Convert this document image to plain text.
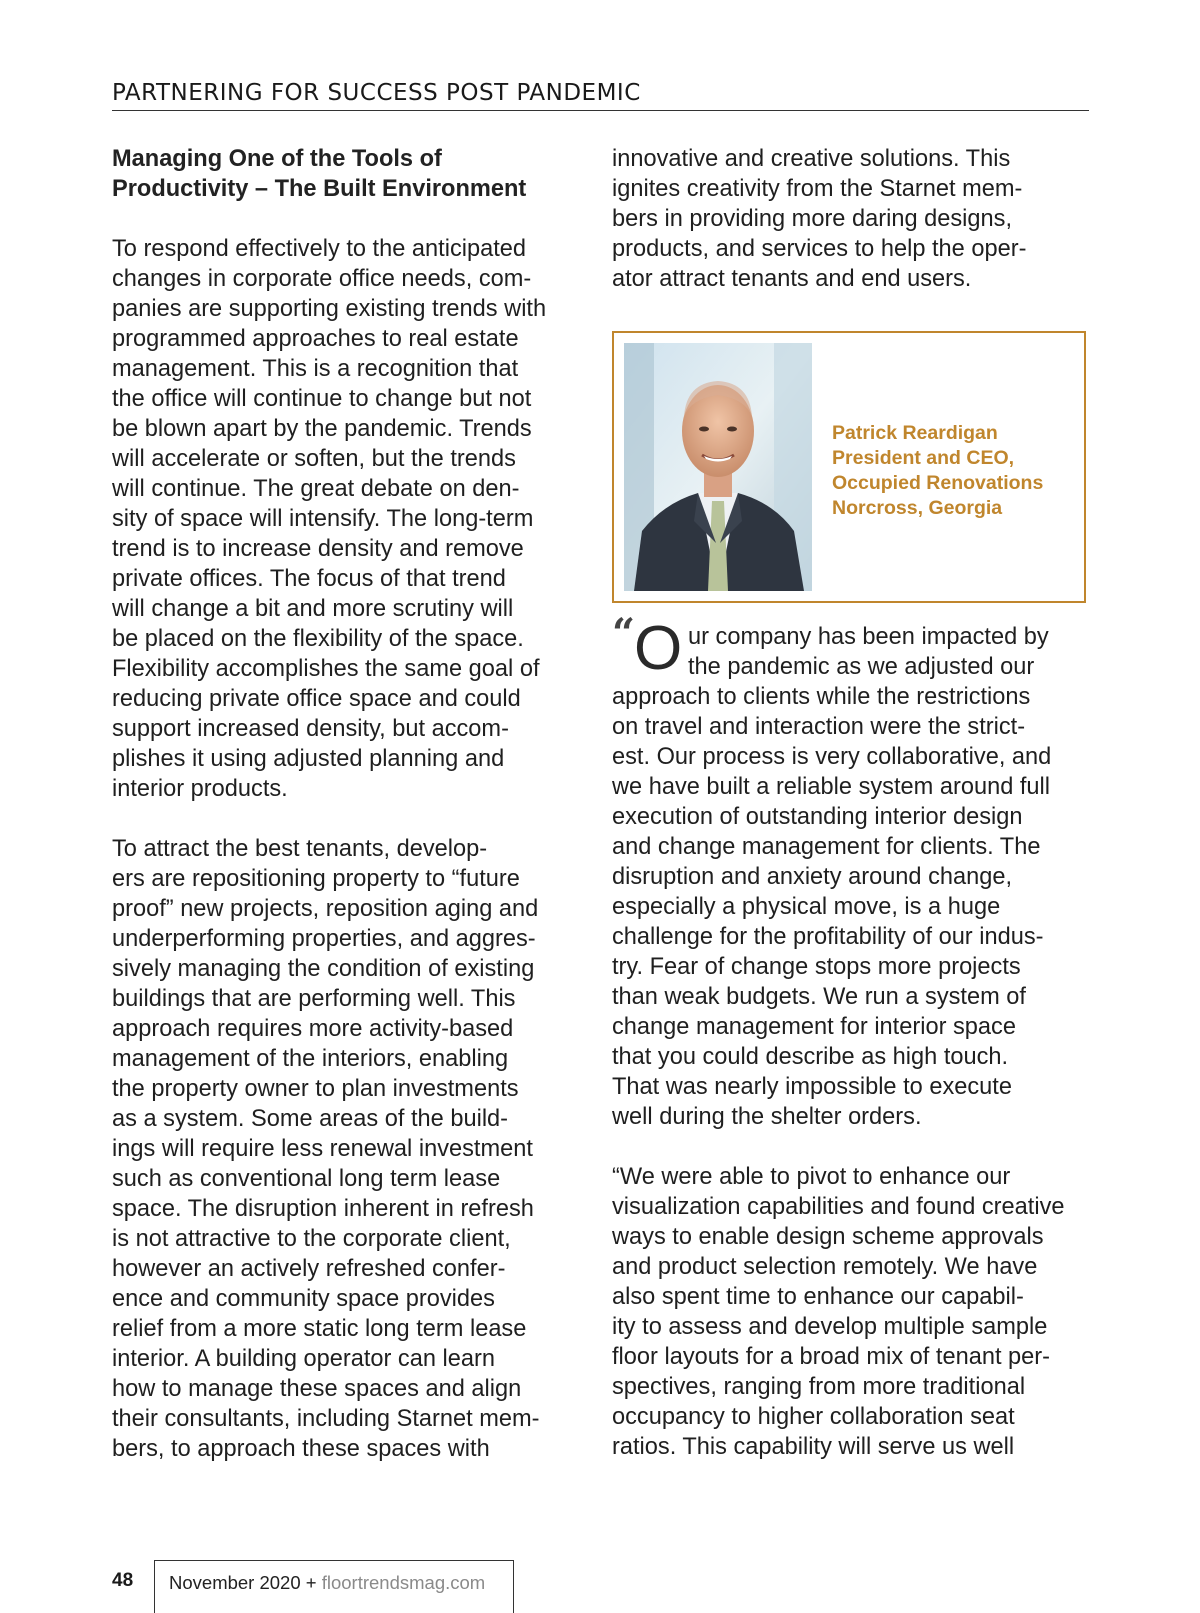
PARTNERING FOR SUCCESS POST PANDEMIC
Managing One of the Tools of
Productivity – The Built Environment

To respond effectively to the anticipated
changes in corporate office needs, com-
panies are supporting existing trends with
programmed approaches to real estate
management. This is a recognition that
the office will continue to change but not
be blown apart by the pandemic. Trends
will accelerate or soften, but the trends
will continue. The great debate on den-
sity of space will intensify. The long-term
trend is to increase density and remove
private offices. The focus of that trend
will change a bit and more scrutiny will
be placed on the flexibility of the space.
Flexibility accomplishes the same goal of
reducing private office space and could
support increased density, but accom-
plishes it using adjusted planning and
interior products.

To attract the best tenants, develop-
ers are repositioning property to “future
proof” new projects, reposition aging and
underperforming properties, and aggres-
sively managing the condition of existing
buildings that are performing well. This
approach requires more activity-based
management of the interiors, enabling
the property owner to plan investments
as a system. Some areas of the build-
ings will require less renewal investment
such as conventional long term lease
space. The disruption inherent in refresh
is not attractive to the corporate client,
however an actively refreshed confer-
ence and community space provides
relief from a more static long term lease
interior. A building operator can learn
how to manage these spaces and align
their consultants, including Starnet mem-
bers, to approach these spaces with

innovative and creative solutions. This
ignites creativity from the Starnet mem-
bers in providing more daring designs,
products, and services to help the oper-
ator attract tenants and end users.

Patrick Reardigan
President and CEO,
Occupied Renovations
Norcross, Georgia
“
O ur company has been impacted by
the pandemic as we adjusted our

approach to clients while the restrictions
on travel and interaction were the strict-
est. Our process is very collaborative, and
we have built a reliable system around full
execution of outstanding interior design
and change management for clients. The
disruption and anxiety around change,
especially a physical move, is a huge
challenge for the profitability of our indus-
try. Fear of change stops more projects
than weak budgets. We run a system of
change management for interior space
that you could describe as high touch.
That was nearly impossible to execute
well during the shelter orders.

“We were able to pivot to enhance our
visualization capabilities and found creative
ways to enable design scheme approvals
and product selection remotely. We have
also spent time to enhance our capabil-
ity to assess and develop multiple sample
floor layouts for a broad mix of tenant per-
spectives, ranging from more traditional
occupancy to higher collaboration seat
ratios. This capability will serve us well

48 November 2020 + floortrendsmag.com
